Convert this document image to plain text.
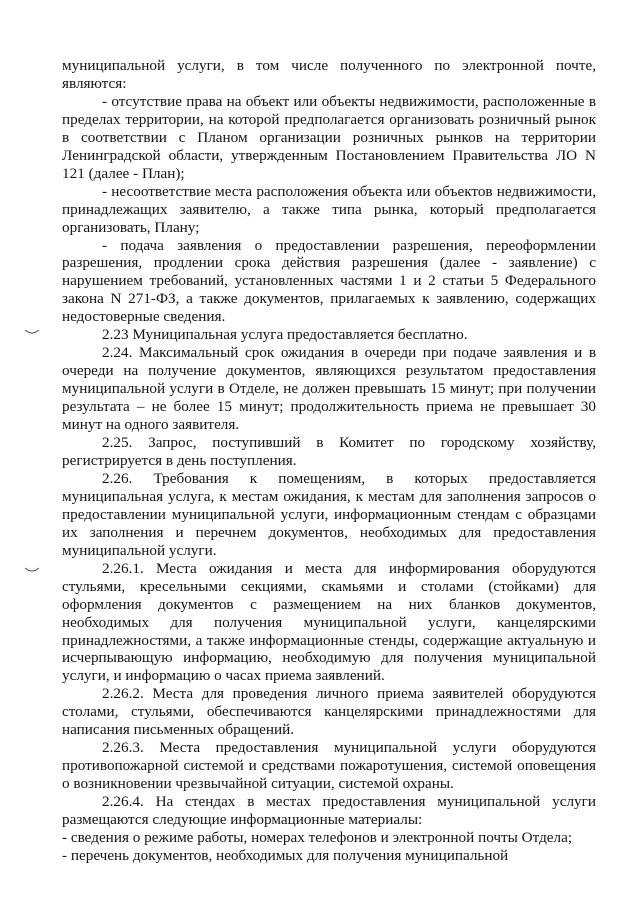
муниципальной услуги, в том числе полученного по электронной почте, являются:

- отсутствие права на объект или объекты недвижимости, расположенные в пределах территории, на которой предполагается организовать розничный рынок в соответствии с Планом организации розничных рынков на территории Ленинградской области, утвержденным Постановлением Правительства ЛО N 121 (далее - План);

- несоответствие места расположения объекта или объектов недвижимости, принадлежащих заявителю, а также типа рынка, который предполагается организовать, Плану;

- подача заявления о предоставлении разрешения, переоформлении разрешения, продлении срока действия разрешения (далее - заявление) с нарушением требований, установленных частями 1 и 2 статьи 5 Федерального закона N 271-ФЗ, а также документов, прилагаемых к заявлению, содержащих недостоверные сведения.

2.23 Муниципальная услуга предоставляется бесплатно.

2.24. Максимальный срок ожидания в очереди при подаче заявления и в очереди на получение документов, являющихся результатом предоставления муниципальной услуги в Отделе, не должен превышать 15 минут; при получении результата – не более 15 минут; продолжительность приема не превышает 30 минут на одного заявителя.

2.25. Запрос, поступивший в Комитет по городскому хозяйству, регистрируется в день поступления.

2.26. Требования к помещениям, в которых предоставляется муниципальная услуга, к местам ожидания, к местам для заполнения запросов о предоставлении муниципальной услуги, информационным стендам с образцами их заполнения и перечнем документов, необходимых для предоставления муниципальной услуги.

2.26.1. Места ожидания и места для информирования оборудуются стульями, кресельными секциями, скамьями и столами (стойками) для оформления документов с размещением на них бланков документов, необходимых для получения муниципальной услуги, канцелярскими принадлежностями, а также информационные стенды, содержащие актуальную и исчерпывающую информацию, необходимую для получения муниципальной услуги, и информацию о часах приема заявлений.

2.26.2. Места для проведения личного приема заявителей оборудуются столами, стульями, обеспечиваются канцелярскими принадлежностями для написания письменных обращений.

2.26.3. Места предоставления муниципальной услуги оборудуются противопожарной системой и средствами пожаротушения, системой оповещения о возникновении чрезвычайной ситуации, системой охраны.

2.26.4. На стендах в местах предоставления муниципальной услуги размещаются следующие информационные материалы:

- сведения о режиме работы, номерах телефонов и электронной почты Отдела;

- перечень документов, необходимых для получения муниципальной
